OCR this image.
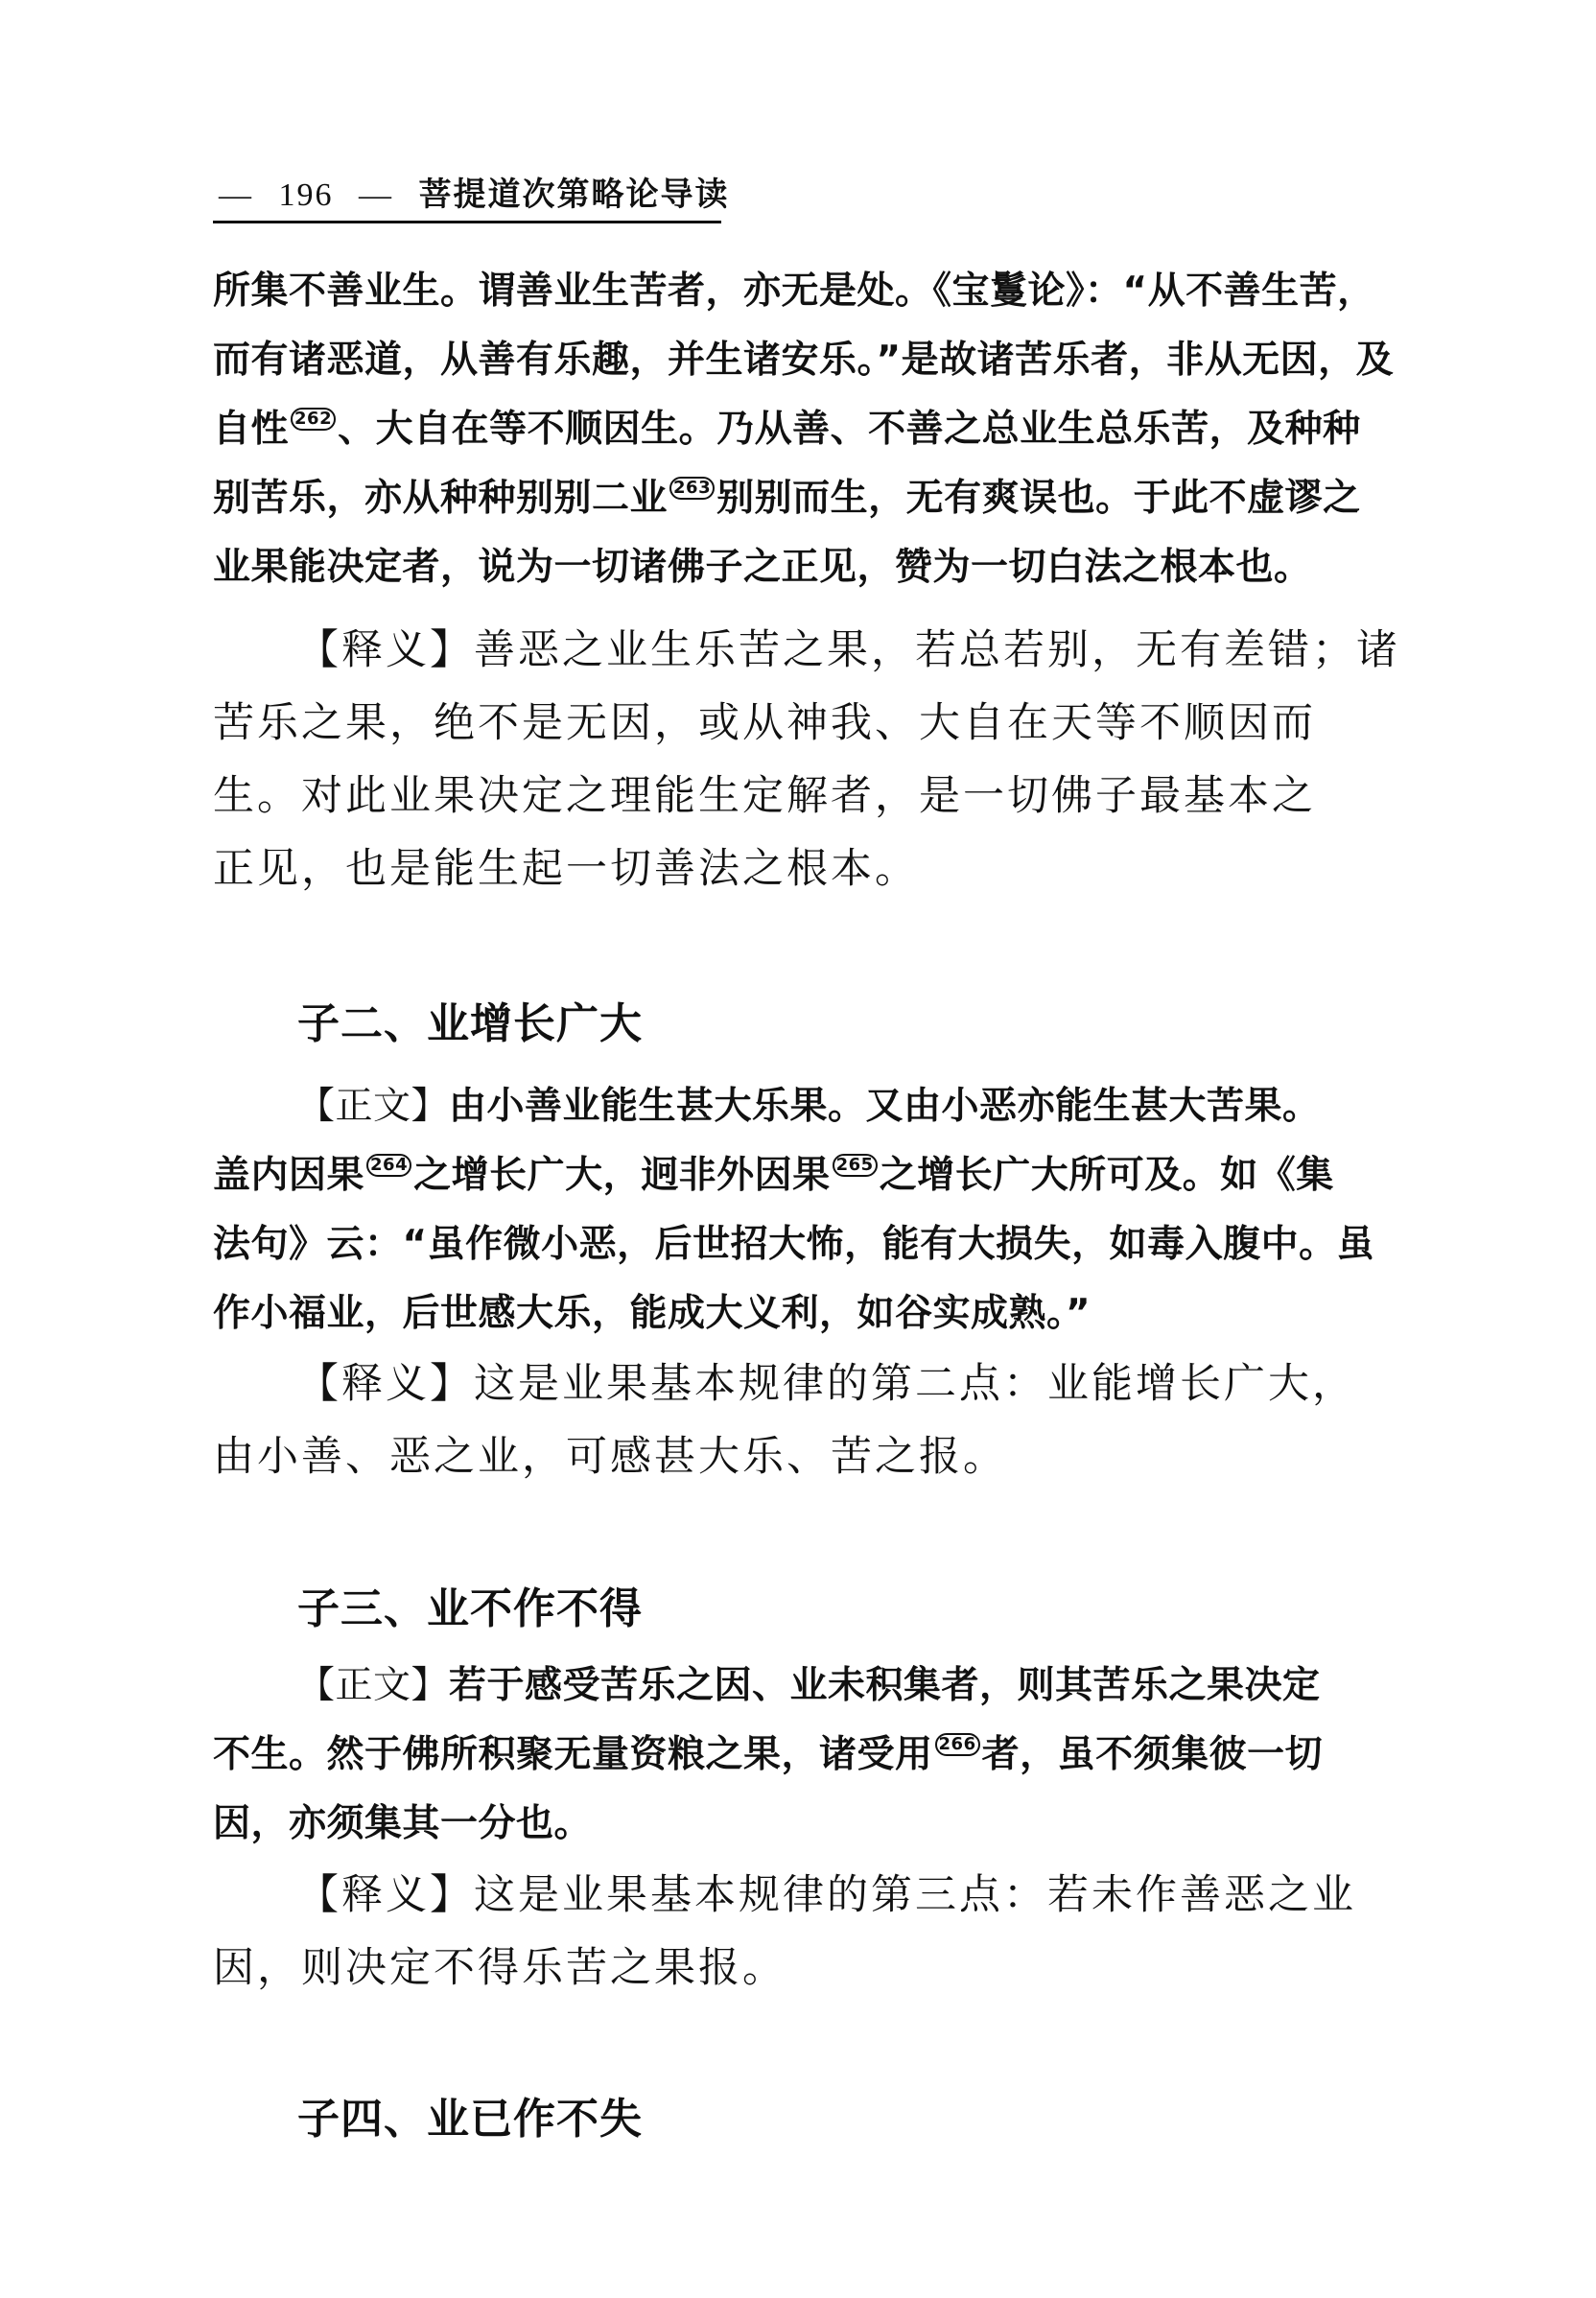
— 196 — 菩提道次第略论导读
所集不善业生。谓善业生苦者，亦无是处。《宝鬘论》：“从不善生苦，
而有诸恶道，从善有乐趣，并生诸安乐。”是故诸苦乐者，非从无因，及
自性 262 、大自在等不顺因生。乃从善、不善之总业生总乐苦，及种种
别苦乐，亦从种种别别二业 263 别别而生，无有爽误也。于此不虚谬之
业果能决定者，说为一切诸佛子之正见，赞为一切白法之根本也。
【释义】善恶之业生乐苦之果，若总若别，无有差错；诸
苦乐之果，绝不是无因，或从神我、大自在天等不顺因而
生。对此业果决定之理能生定解者，是一切佛子最基本之
正见，也是能生起一切善法之根本。
子二、业增长广大
【正文】由小善业能生甚大乐果。又由小恶亦能生甚大苦果。
盖内因果 264 之增长广大，迥非外因果 265 之增长广大所可及。如《集
法句》云：“虽作微小恶，后世招大怖，能有大损失，如毒入腹中。虽
作小福业，后世感大乐，能成大义利，如谷实成熟。”
【释义】这是业果基本规律的第二点：业能增长广大，
由小善、恶之业，可感甚大乐、苦之报。
子三、业不作不得
【正文】若于感受苦乐之因、业未积集者，则其苦乐之果决定
不生。然于佛所积聚无量资粮之果，诸受用 266 者，虽不须集彼一切
因，亦须集其一分也。
【释义】这是业果基本规律的第三点：若未作善恶之业
因，则决定不得乐苦之果报。
子四、业已作不失
